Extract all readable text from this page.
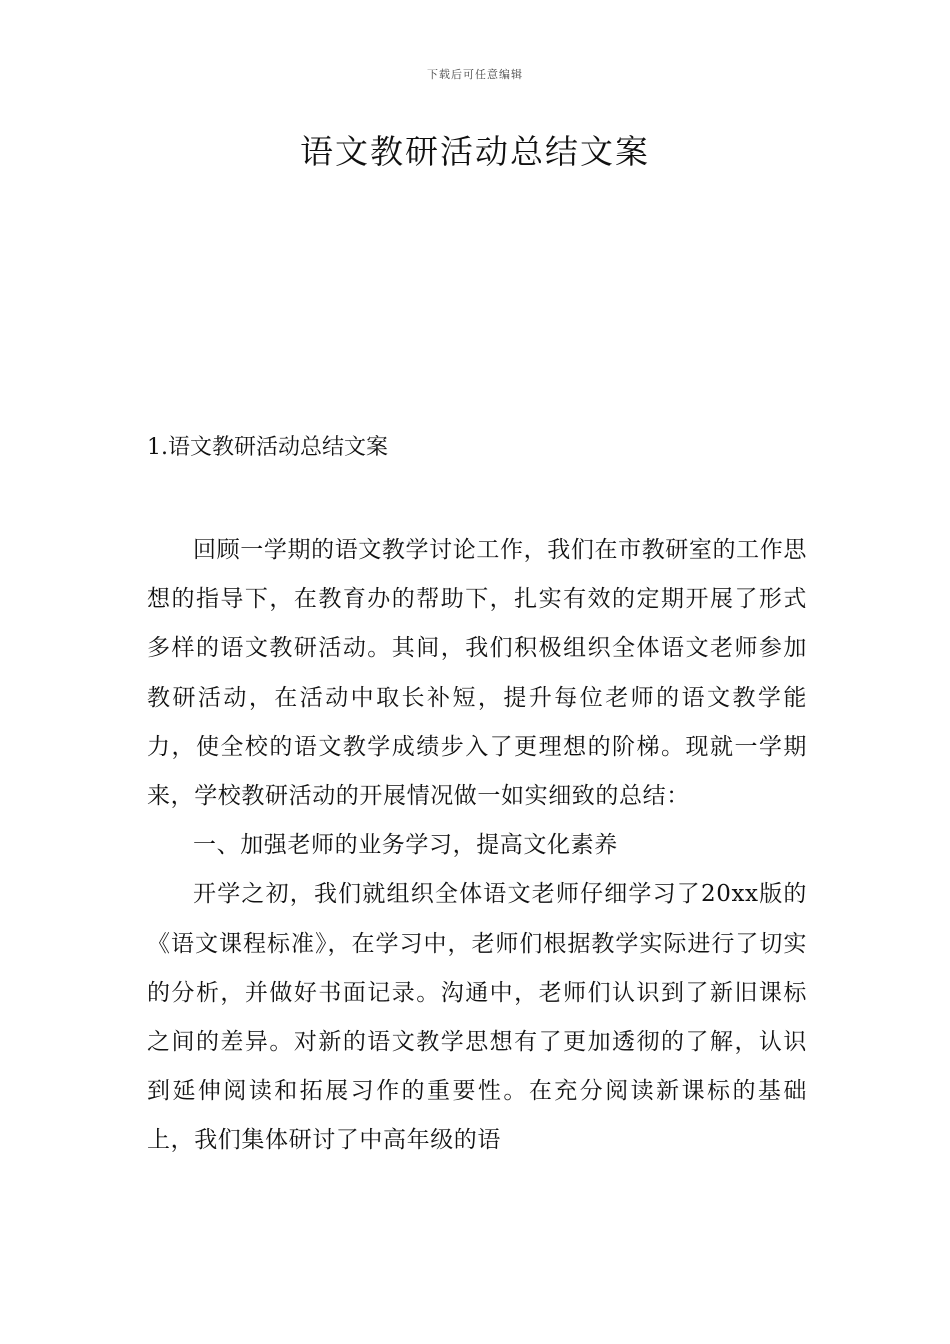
下载后可任意编辑
语文教研活动总结文案
1.语文教研活动总结文案

回顾一学期的语文教学讨论工作，我们在市教研室的工作思想的指导下，在教育办的帮助下，扎实有效的定期开展了形式多样的语文教研活动。其间，我们积极组织全体语文老师参加教研活动，在活动中取长补短，提升每位老师的语文教学能力，使全校的语文教学成绩步入了更理想的阶梯。现就一学期来，学校教研活动的开展情况做一如实细致的总结：

一、加强老师的业务学习，提高文化素养

开学之初，我们就组织全体语文老师仔细学习了20xx版的《语文课程标准》，在学习中，老师们根据教学实际进行了切实的分析，并做好书面记录。沟通中，老师们认识到了新旧课标之间的差异。对新的语文教学思想有了更加透彻的了解，认识到延伸阅读和拓展习作的重要性。在充分阅读新课标的基础上，我们集体研讨了中高年级的语
